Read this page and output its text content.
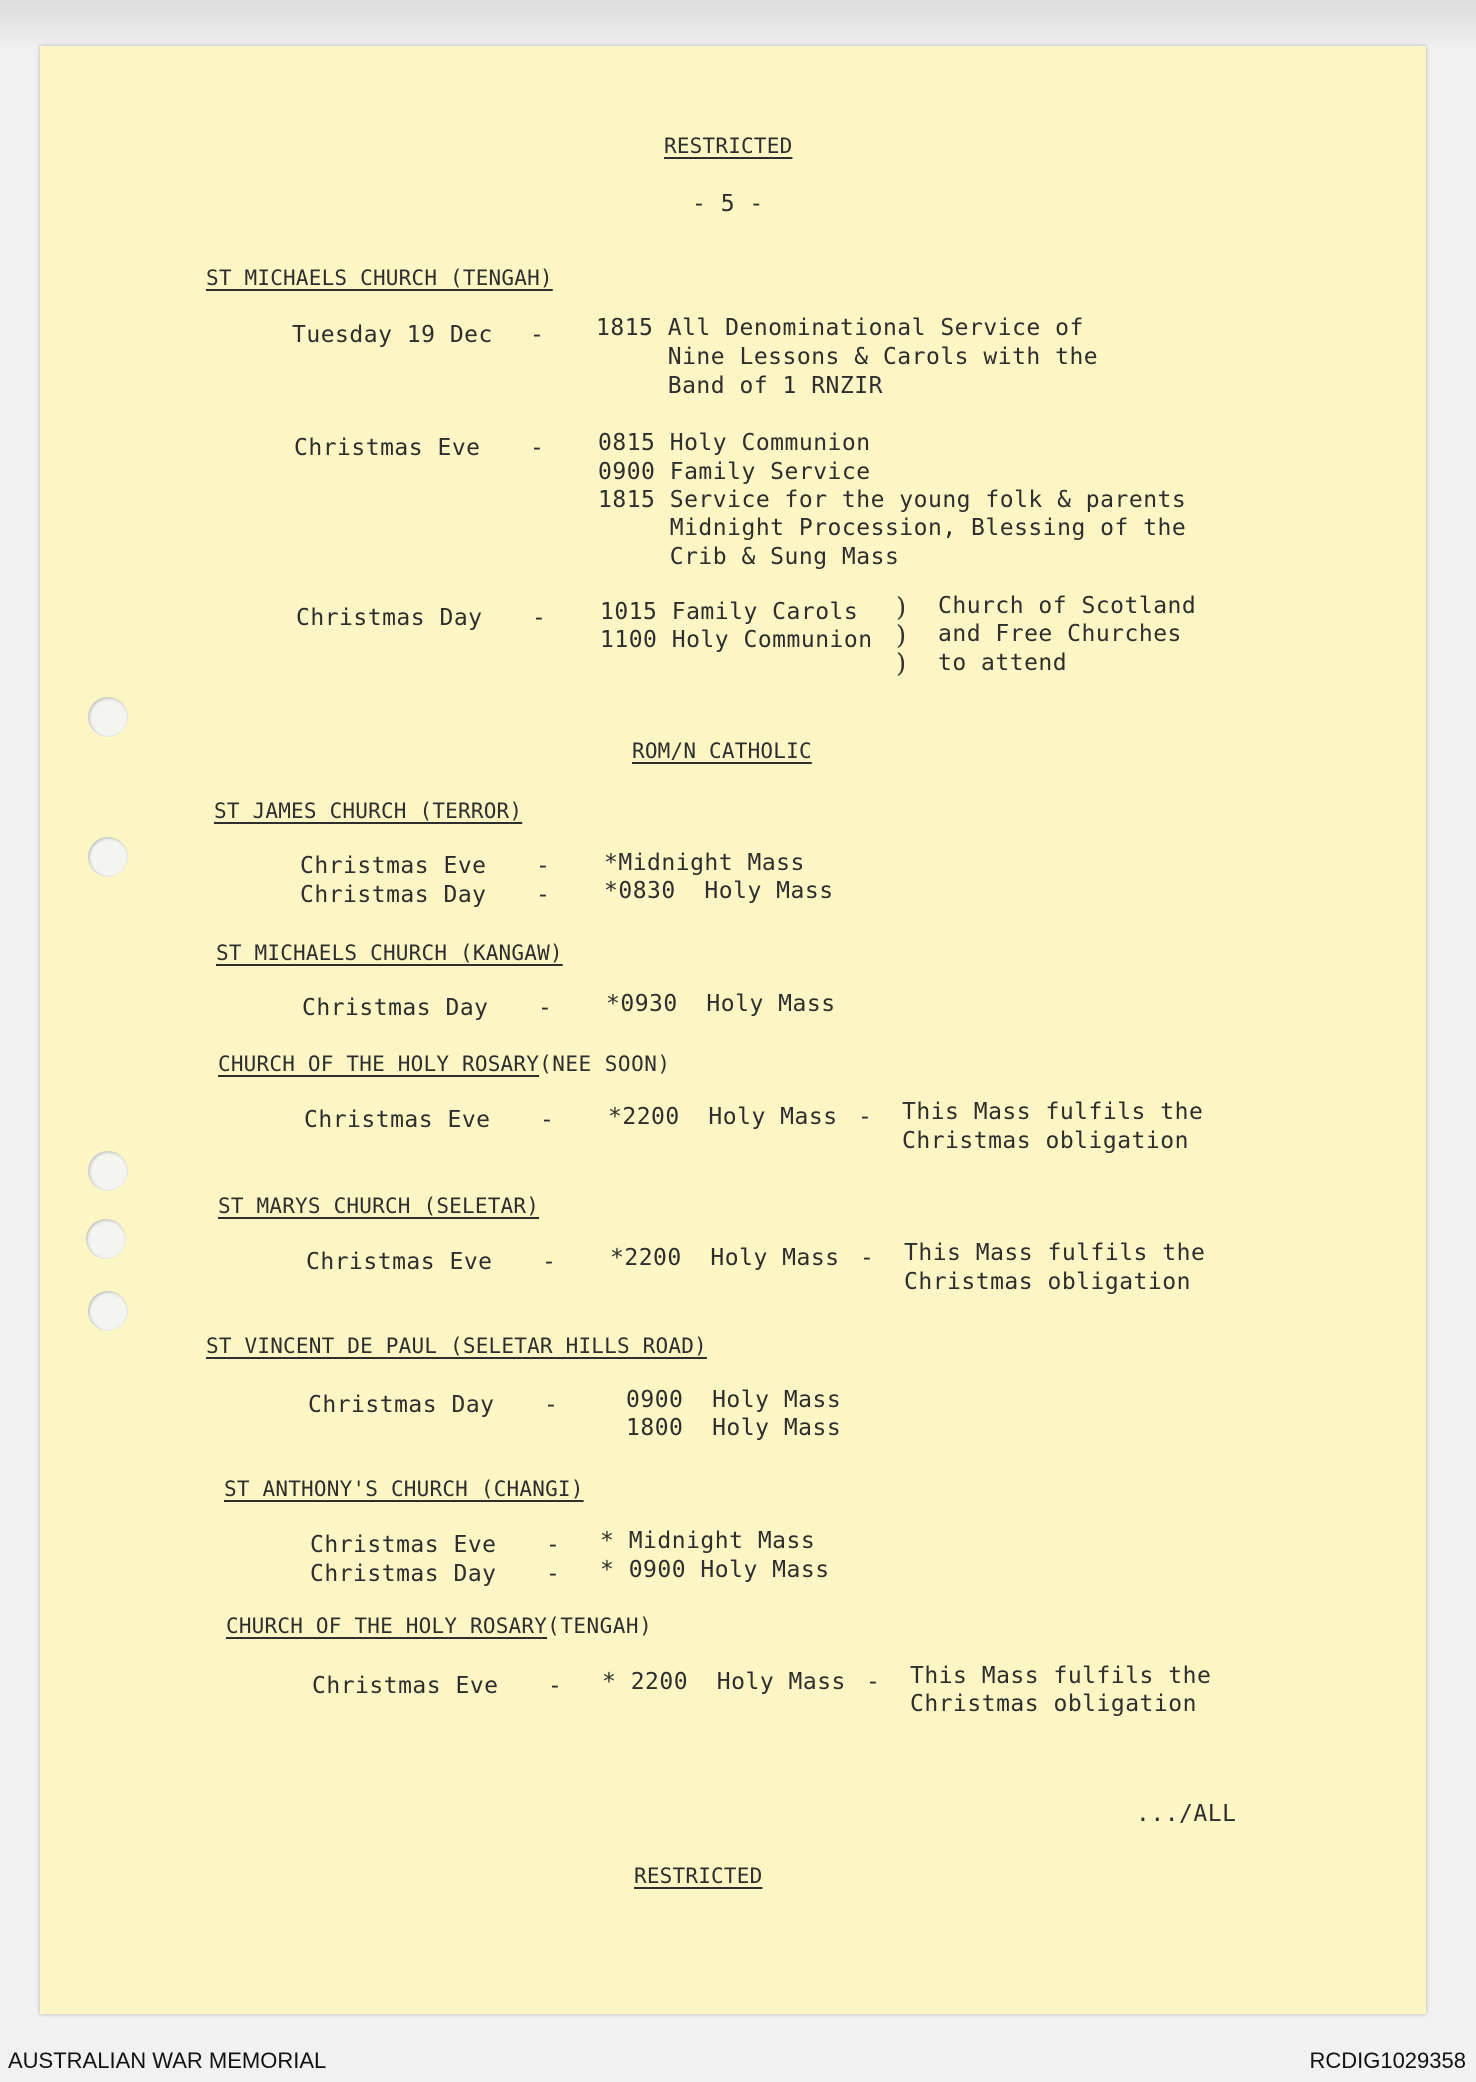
RESTRICTED
- 5 -
ST MICHAELS CHURCH (TENGAH)
Tuesday 19 Dec - 1815 All Denominational Service of
Nine Lessons & Carols with the
Band of 1 RNZIR
Christmas Eve - 0815 Holy Communion
0900 Family Service
1815 Service for the young folk & parents
Midnight Procession, Blessing of the
Crib & Sung Mass
Christmas Day - 1015 Family Carols
1100 Holy Communion
)
)
)
Church of Scotland
and Free Churches
to attend
ROM/N CATHOLIC
ST JAMES CHURCH (TERROR)
Christmas Eve - *Midnight Mass
Christmas Day - *0830  Holy Mass
ST MICHAELS CHURCH (KANGAW)
Christmas Day - *0930  Holy Mass
CHURCH OF THE HOLY ROSARY(NEE SOON)
Christmas Eve - *2200  Holy Mass - This Mass fulfils the
Christmas obligation
ST MARYS CHURCH (SELETAR)
Christmas Eve - *2200  Holy Mass - This Mass fulfils the
Christmas obligation
ST VINCENT DE PAUL (SELETAR HILLS ROAD)
Christmas Day -	0900  Holy Mass
1800  Holy Mass
ST ANTHONY'S CHURCH (CHANGI)
Christmas Eve - * Midnight Mass
Christmas Day - * 0900 Holy Mass
CHURCH OF THE HOLY ROSARY(TENGAH)
Christmas Eve - * 2200  Holy Mass - This Mass fulfils the
Christmas obligation
.../ALL
RESTRICTED
AUSTRALIAN WAR MEMORIAL	RCDIG1029358
